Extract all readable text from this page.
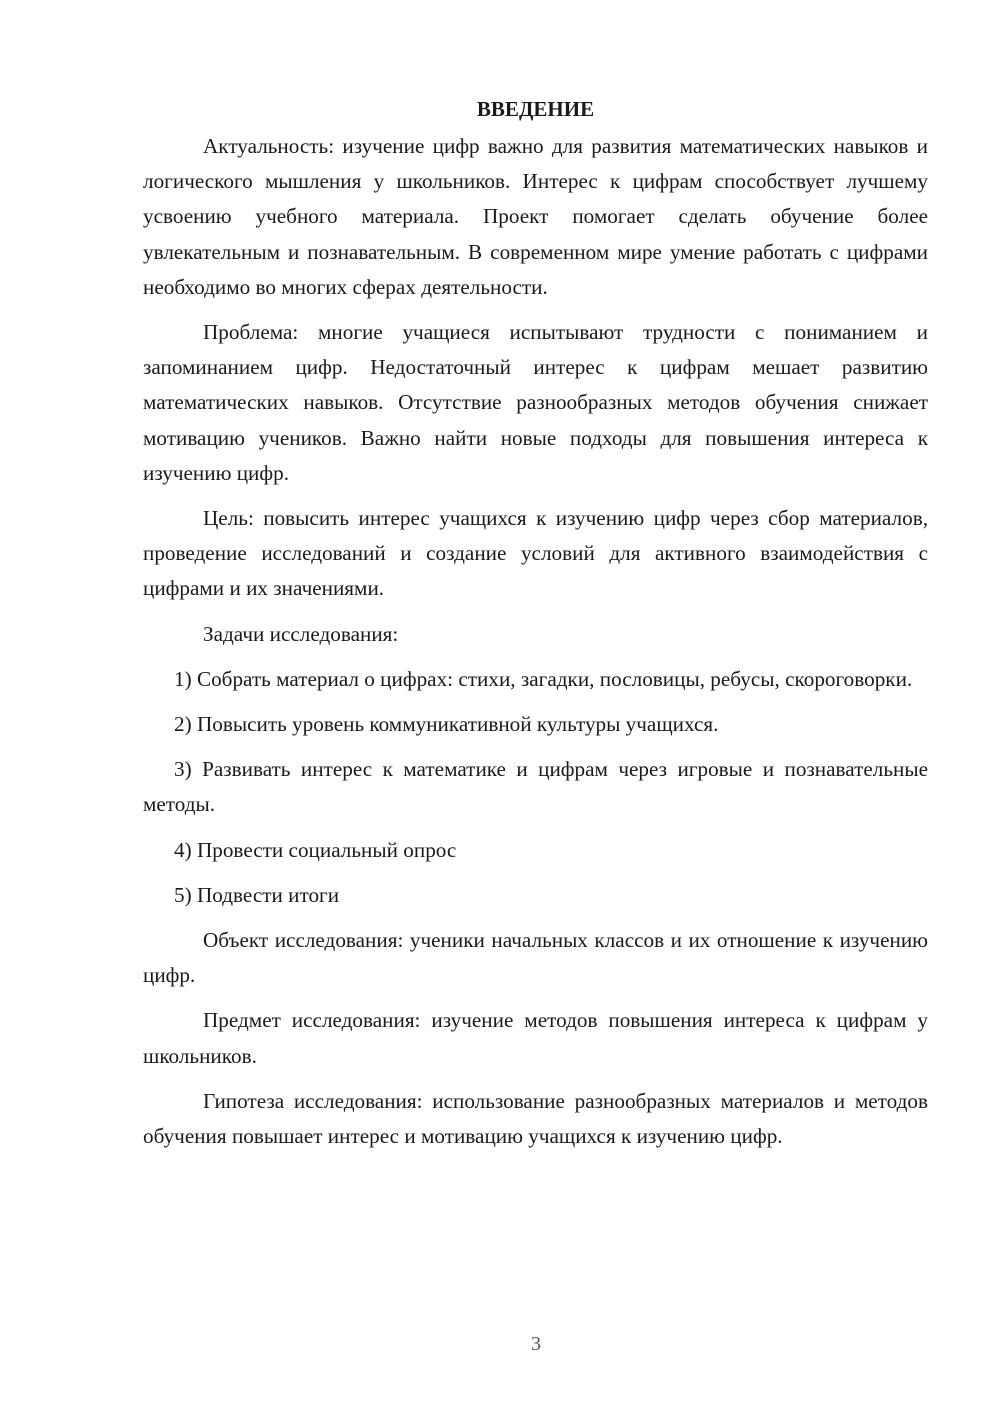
ВВЕДЕНИЕ

Актуальность: изучение цифр важно для развития математических навыков и логического мышления у школьников. Интерес к цифрам способствует лучшему усвоению учебного материала. Проект помогает сделать обучение более увлекательным и познавательным. В современном мире умение работать с цифрами необходимо во многих сферах деятельности.

Проблема: многие учащиеся испытывают трудности с пониманием и запоминанием цифр. Недостаточный интерес к цифрам мешает развитию математических навыков. Отсутствие разнообразных методов обучения снижает мотивацию учеников. Важно найти новые подходы для повышения интереса к изучению цифр.

Цель: повысить интерес учащихся к изучению цифр через сбор материалов, проведение исследований и создание условий для активного взаимодействия с цифрами и их значениями.

Задачи исследования:

1) Собрать материал о цифрах: стихи, загадки, пословицы, ребусы, скороговорки.

2) Повысить уровень коммуникативной культуры учащихся.

3) Развивать интерес к математике и цифрам через игровые и познавательные методы.

4) Провести социальный опрос

5) Подвести итоги

Объект исследования: ученики начальных классов и их отношение к изучению цифр.

Предмет исследования: изучение методов повышения интереса к цифрам у школьников.

Гипотеза исследования: использование разнообразных материалов и методов обучения повышает интерес и мотивацию учащихся к изучению цифр.

3
